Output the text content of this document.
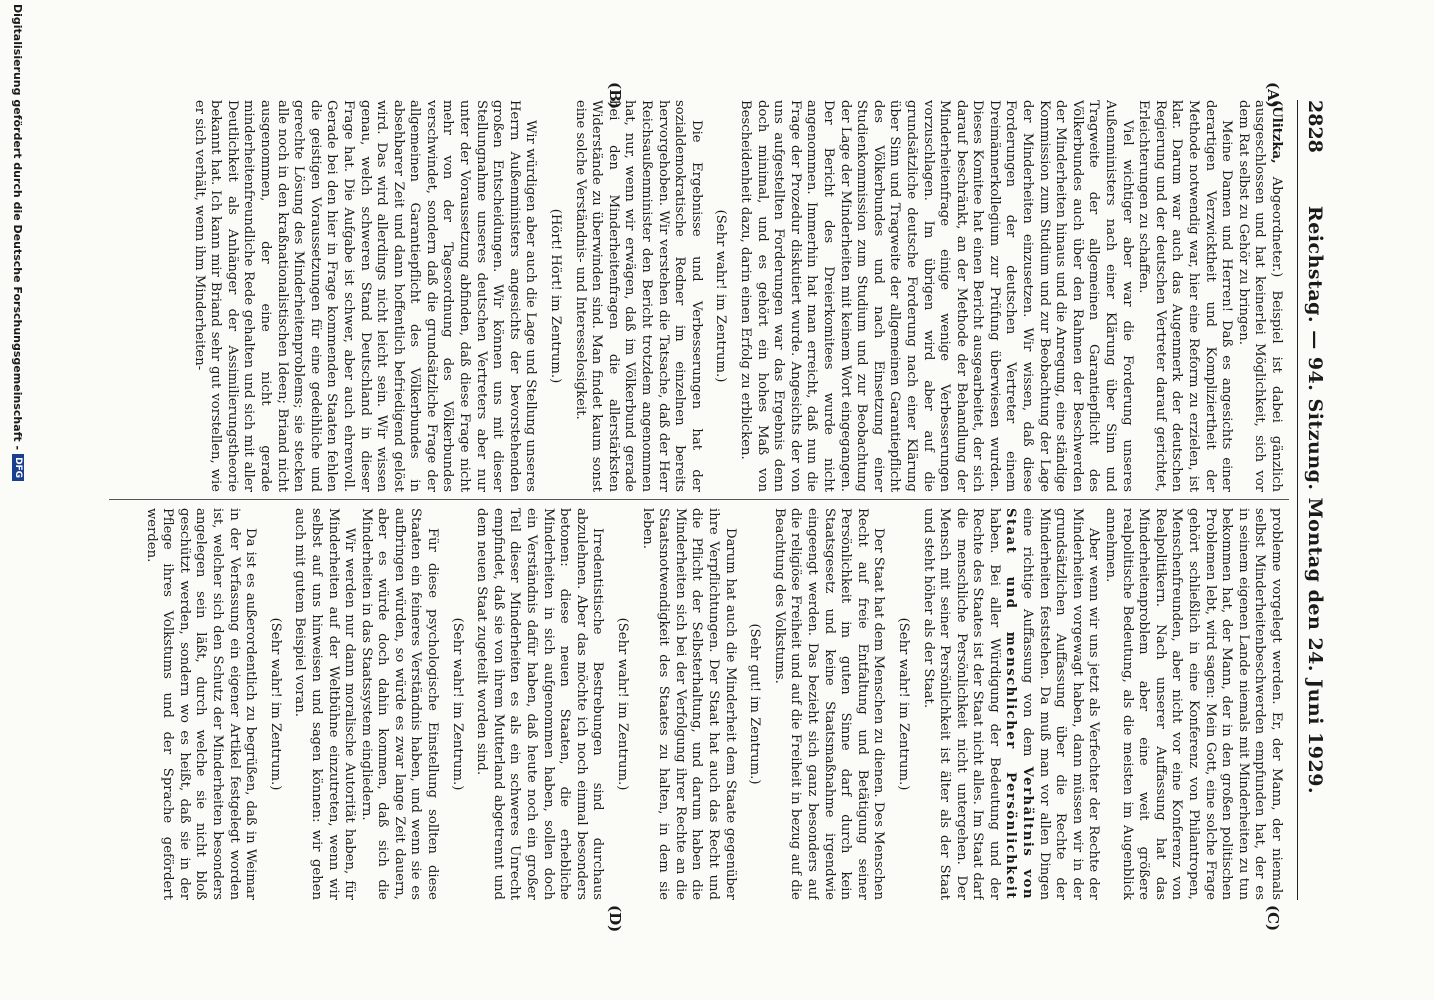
2828
Reichstag. — 94. Sitzung. Montag den 24. Juni 1929.
(A)
(B)
(C)
(D)

(Ulitzka, Abgeordneter.) Beispiel ist dabei gänzlich ausgeschlossen und hat keinerlei Möglichkeit, sich vor dem Rat selbst zu Gehör zu bringen.

Meine Damen und Herren! Daß es angesichts einer derartigen Verzwicktheit und Kompliziertheit der Methode notwendig war, hier eine Reform zu erzielen, ist klar. Darum war auch das Augenmerk der deutschen Regierung und der deutschen Vertreter darauf gerichtet, Erleichterungen zu schaffen.

Viel wichtiger aber war die Forderung unseres Außenministers nach einer Klärung über Sinn und Tragweite der allgemeinen Garantiepflicht des Völkerbundes auch über den Rahmen der Beschwerden der Minderheiten hinaus und die Anregung, eine ständige Kommission zum Studium und zur Beobachtung der Lage der Minderheiten einzusetzen. Wir wissen, daß diese Forderungen der deutschen Vertreter einem Dreimännerkollegium zur Prüfung überwiesen wurden. Dieses Komitee hat einen Bericht ausgearbeitet, der sich darauf beschränkt, an der Methode der Behandlung der Minderheitenfrage einige wenige Verbesserungen vorzuschlagen. Im übrigen wird aber auf die grundsätzliche deutsche Forderung nach einer Klärung über Sinn und Tragweite der allgemeinen Garantiepflicht des Völkerbundes und nach Einsetzung einer Studienkommission zum Studium und zur Beobachtung der Lage der Minderheiten mit keinem Wort eingegangen. Der Bericht des Dreierkomitees wurde nicht angenommen. Immerhin hat man erreicht, daß nun die Frage der Prozedur diskutiert wurde. Angesichts der von uns aufgestellten Forderungen war das Ergebnis denn doch minimal, und es gehört ein hohes Maß von Bescheidenheit dazu, darin einen Erfolg zu erblicken.

(Sehr wahr! im Zentrum.)

Die Ergebnisse und Verbesserungen hat der sozialdemokratische Redner im einzelnen bereits hervorgehoben. Wir verstehen die Tatsache, daß der Herr Reichsaußenminister den Bericht trotzdem angenommen hat, nur, wenn wir erwägen, daß im Völkerbund gerade bei den Minderheitenfragen die allerstärksten Widerstände zu überwinden sind. Man findet kaum sonst eine solche Verständnis- und Interesselosigkeit.

(Hört! Hört! im Zentrum.)

Wir würdigen aber auch die Lage und Stellung unseres Herrn Außenministers angesichts der bevorstehenden großen Entscheidungen. Wir können uns mit dieser Stellungnahme unseres deutschen Vertreters aber nur unter der Voraussetzung abfinden, daß diese Frage nicht mehr von der Tagesordnung des Völkerbundes verschwindet, sondern daß die grundsätzliche Frage der allgemeinen Garantiepflicht des Völkerbundes in absehbarer Zeit und dann hoffentlich befriedigend gelöst wird. Das wird allerdings nicht leicht sein. Wir wissen genau, welch schweren Stand Deutschland in dieser Frage hat. Die Aufgabe ist schwer, aber auch ehrenvoll. Gerade bei den hier in Frage kommenden Staaten fehlen die geistigen Voraussetzungen für eine gedeihliche und gerechte Lösung des Minderheitenproblems; sie stecken alle noch in den kraßnationalistischen Ideen; Briand nicht ausgenommen, der eine nicht gerade minderheitenfreundliche Rede gehalten und sich mit aller Deutlichkeit als Anhänger der Assimilierungstheorie bekannt hat. Ich kann mir Briand sehr gut vorstellen, wie er sich verhält, wenn ihm Minderheiten-

probleme vorgelegt werden. Er, der Mann, der niemals selbst Minderheitenbeschwerden empfunden hat, der es in seinem eigenen Lande niemals mit Minderheiten zu tun bekommen hat, der Mann, der in den großen politischen Problemen lebt, wird sagen: Mein Gott, eine solche Frage gehört schließlich in eine Konferenz von Philantropen, Menschenfreunden, aber nicht vor eine Konferenz von Realpolitikern. Nach unserer Auffassung hat das Minderheitenproblem aber eine weit größere realpolitische Bedeutung, als die meisten im Augenblick annehmen.

Aber wenn wir uns jetzt als Verfechter der Rechte der Minderheiten vorgewagt haben, dann müssen wir in der grundsätzlichen Auffassung über die Rechte der Minderheiten feststehen. Da muß man vor allen Dingen eine richtige Auffassung von dem Verhältnis von Staat und menschlicher Persönlichkeit haben. Bei aller Würdigung der Bedeutung und der Rechte des Staates ist der Staat nicht alles. Im Staat darf die menschliche Persönlichkeit nicht untergehen. Der Mensch mit seiner Persönlichkeit ist älter als der Staat und steht höher als der Staat.

(Sehr wahr! im Zentrum.)

Der Staat hat dem Menschen zu dienen. Des Menschen Recht auf freie Entfaltung und Betätigung seiner Persönlichkeit im guten Sinne darf durch kein Staatsgesetz und keine Staatsmaßnahme irgendwie eingeengt werden. Das bezieht sich ganz besonders auf die religiöse Freiheit und auf die Freiheit in bezug auf die Beachtung des Volkstums.

(Sehr gut! im Zentrum.)

Darum hat auch die Minderheit dem Staate gegenüber ihre Verpflichtungen. Der Staat hat auch das Recht und die Pflicht der Selbsterhaltung, und darum haben die Minderheiten sich bei der Verfolgung ihrer Rechte an die Staatsnotwendigkeit des Staates zu halten, in dem sie leben.

(Sehr wahr! im Zentrum.)

Irredentistische Bestrebungen sind durchaus abzulehnen. Aber das möchte ich noch einmal besonders betonen: diese neuen Staaten, die erhebliche Minderheiten in sich aufgenommen haben, sollen doch ein Verständnis dafür haben, daß heute noch ein großer Teil dieser Minderheiten es als ein schweres Unrecht empfindet, daß sie von ihrem Mutterland abgetrennt und dem neuen Staat zugeteilt worden sind.

(Sehr wahr! im Zentrum.)

Für diese psychologische Einstellung sollten diese Staaten ein feineres Verständnis haben, und wenn sie es aufbringen würden, so würde es zwar lange Zeit dauern, aber es würde doch dahin kommen, daß sich die Minderheiten in das Staatssystem eingliedern.

Wir werden nur dann moralische Autorität haben, für Minderheiten auf der Weltbühne einzutreten, wenn wir selbst auf uns hinweisen und sagen können: wir gehen auch mit gutem Beispiel voran.

(Sehr wahr! im Zentrum.)

Da ist es außerordentlich zu begrüßen, daß in Weimar in der Verfassung ein eigener Artikel festgelegt worden ist, welcher sich den Schutz der Minderheiten besonders angelegen sein läßt, durch welche sie nicht bloß geschützt werden, sondern wo es heißt, daß sie in der Pflege ihres Volkstums und der Sprache gefördert werden.

Digitalisierung gefördert durch die Deutsche Forschungsgemeinschaft -
DFG
